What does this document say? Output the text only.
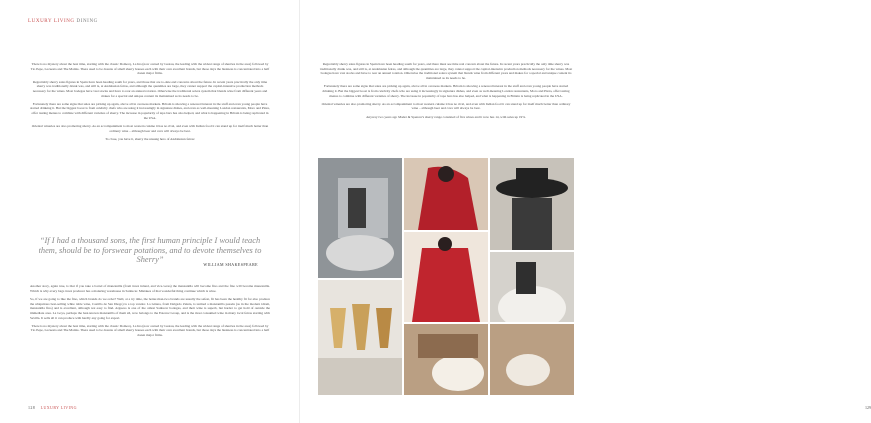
LUXURY LIVING DINING

There is no mystery about the best time, starting with the classic Domecq, La Ina (now owned by Lustau, the leading with the widest range of sherries in the area) followed by Tio Pepe, Lacuesta and The Matins. There used to be dozens of small sherry houses each with their own excellent brands, but those days the business is concentrated into a half dozen major firms.

Regrettably sherry sales figures in Spain have been heading south for years, and those that are to-date end concerns about the future. In recent years practically the only time sherry was traditionally drunk was, and still is, at Andalusian feiras, and although the quantities are large, they cannot support the capital-intensive production methods necessary for the wines. Most bodegas have vast stocks and have to rear an annual rotation. Otherwise the traditional solera system that blends wine from different years and makes for a special and unique content its maintained as its needs to be.

Fortunately there are some signs that sales are picking up again, above all in overseas markets. Britain is showing a renewed interest in the stuff and even young people have started drinking it. But the biggest boost is from celebrity chefs who are using it increasingly in signature dishes, and even as well-meaning London restaurants, Moro and Pizza, offer tasting menus to combine with different varieties of sherry. The increase in popularity of tapa bars has also helped, and what is happening in Britain is being replicated in the USA.

Oriental wineries are also promoting sherry. As an accompaniment to most western cuisine it has no rival, and even with Indian food it can stand up for itself much better than ordinary wine – although beer and cava will always be best.

To close, you have it, sherry the unsung hero of Andalusian feiras:

“If I had a thousand sons, the first human principle I would teach them, should be to forswear potations, and to devote themselves to Sherry”
WILLIAM SHAKESPEARE

Another story, again true, is that if you take a barrel of manzanilla (from Jerez inland, and vice-versa) the manzanilla will become fino and the fino will become manzanilla. Which is why every bags Jerez producer has a maturing warehouse in Sanlucar. Mistakes of that wonderful thing continue which is wine.

So, if we are going to like the fino, which brands do we order? Well, at a try time, the better-than-two brands are usually the safest, fit has been the healthy fit for also produce the ubiquitous best-selling white table wine, Castillo de San Diego) is a top vendor. La Gitana, from Delgado Zuleta, is termed a manzanilla pasada (as in the modern idiom, manzanilla fino) and is excellent, although not easy to find. Argueso is one of the oldest Sanlucar bodegas, and their wine is superb, but harder to get hold of outside the immediate area. La Goya, perhaps the best-known manzanilla of them all, now belongs to the Estevez Group, and is the most consumed wine in many local feiras starting with Sevilla. It sells all it can produce with hardly any going for export.

There is no mystery about the best time, starting with the classic Domecq, La Ina (now owned by Lustau, the leading with the widest range of sherries in the area) followed by Tio Pepe, Lacuesta and The Matins. There used to be dozens of small sherry houses each with their own excellent brands, but those days the business is concentrated into a half dozen major firms.

128 LUXURY LIVING

Regrettably sherry sales figures in Spain have been heading south for years, and there must see time real concern about the future. In recent years practically the only time sherry was traditionally drunk was, and still is, at Andalusian feiras, and although the quantities are large, they cannot support the capital-intensive production methods necessary for the wines. Most bodegas have vast stocks and have to rear an annual rotation. Otherwise the traditional solera system that blends wine from different years and makes for a special and unique content its maintained as its needs to be.

Fortunately there are some signs that sales are picking up again, above all in overseas markets. Britain is showing a renewed interest in the stuff and even young people have started drinking it. But the biggest boost is from celebrity chefs who are using it increasingly in signature dishes, and even as well-meaning London restaurants, Moro and Pizza, offer tasting menus to combine with different varieties of sherry. The increase in popularity of tapa bars has also helped, and what is happening in Britain is being replicated in the USA.

Oriental wineries are also promoting sherry. As an accompaniment to most western cuisine it has no rival, and even with Indian food it can stand up for itself much better than ordinary wine – although beer and cava will always be best.

Anyway two years ago Mader & Spencer's sherry range consisted of five wines and it now has 14, with sales up 19%.

129
